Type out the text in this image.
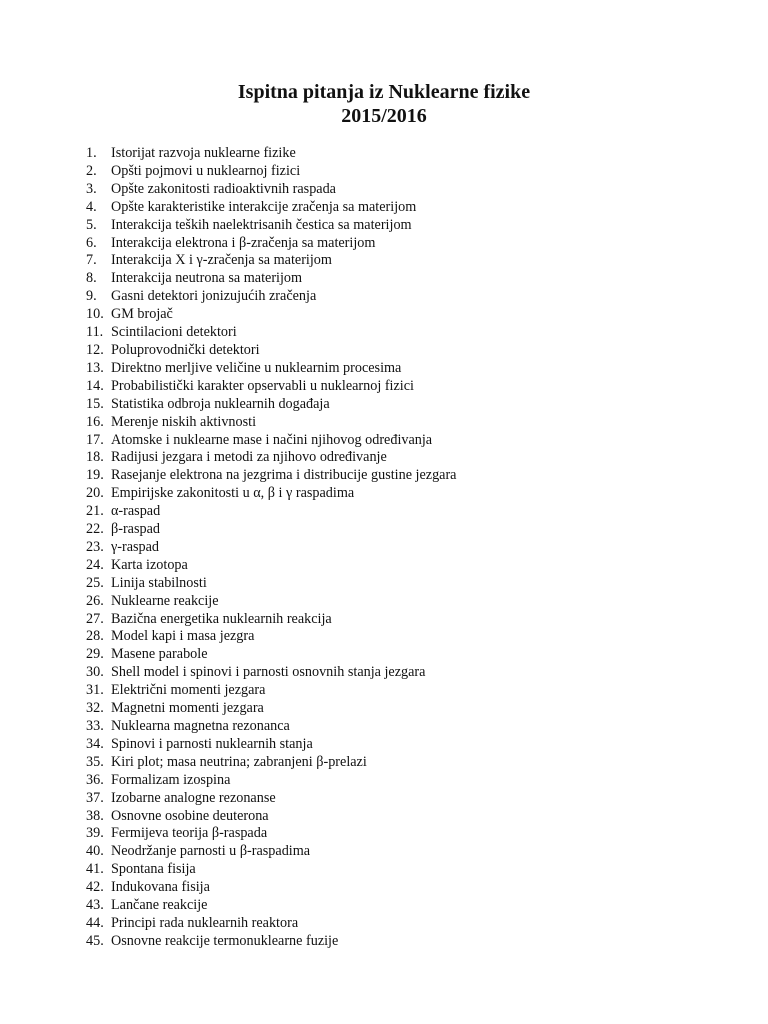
Ispitna pitanja iz Nuklearne fizike
2015/2016
1.	Istorijat razvoja nuklearne fizike
2.	Opšti pojmovi u nuklearnoj fizici
3.	Opšte zakonitosti radioaktivnih raspada
4.	Opšte karakteristike interakcije zračenja sa materijom
5.	Interakcija teških naelektrisanih čestica sa materijom
6.	Interakcija elektrona i β-zračenja sa materijom
7.	Interakcija X i γ-zračenja sa materijom
8.	Interakcija neutrona sa materijom
9.	Gasni detektori jonizujućih zračenja
10. GM brojač
11. Scintilacioni detektori
12. Poluprovodnički detektori
13. Direktno merljive veličine u nuklearnim procesima
14. Probabilistički karakter opservabli u nuklearnoj fizici
15. Statistika odbroja nuklearnih događaja
16. Merenje niskih aktivnosti
17. Atomske i nuklearne mase i načini njihovog određivanja
18. Radijusi jezgara i metodi za njihovo određivanje
19. Rasejanje elektrona na jezgrima i distribucije gustine jezgara
20. Empirijske zakonitosti u α, β i γ raspadima
21. α-raspad
22. β-raspad
23. γ-raspad
24. Karta izotopa
25. Linija stabilnosti
26. Nuklearne reakcije
27. Bazična energetika nuklearnih reakcija
28. Model kapi i masa jezgra
29. Masene parabole
30. Shell model i spinovi i parnosti osnovnih stanja jezgara
31. Električni momenti jezgara
32. Magnetni momenti jezgara
33. Nuklearna magnetna rezonanca
34. Spinovi i parnosti nuklearnih stanja
35. Kiri plot; masa neutrina; zabranjeni β-prelazi
36. Formalizam izospina
37. Izobarne analogne rezonanse
38. Osnovne osobine deuterona
39. Fermijeva teorija β-raspada
40. Neodržanje parnosti u β-raspadima
41. Spontana fisija
42. Indukovana fisija
43. Lančane reakcije
44. Principi rada nuklearnih reaktora
45. Osnovne reakcije termonuklearne fuzije
